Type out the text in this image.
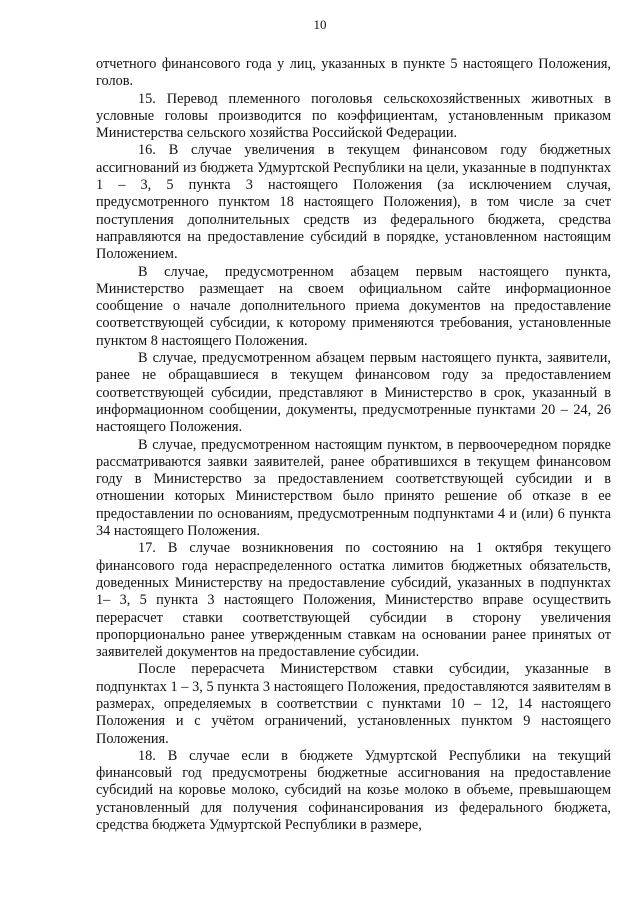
10

отчетного финансового года у лиц, указанных в пункте 5 настоящего Положения, голов.

15. Перевод племенного поголовья сельскохозяйственных животных в условные головы производится по коэффициентам, установленным приказом Министерства сельского хозяйства Российской Федерации.

16. В случае увеличения в текущем финансовом году бюджетных ассигнований из бюджета Удмуртской Республики на цели, указанные в подпунктах 1 – 3, 5 пункта 3 настоящего Положения (за исключением случая, предусмотренного пунктом 18 настоящего Положения), в том числе за счет поступления дополнительных средств из федерального бюджета, средства направляются на предоставление субсидий в порядке, установленном настоящим Положением.

В случае, предусмотренном абзацем первым настоящего пункта, Министерство размещает на своем официальном сайте информационное сообщение о начале дополнительного приема документов на предоставление соответствующей субсидии, к которому применяются требования, установленные пунктом 8 настоящего Положения.

В случае, предусмотренном абзацем первым настоящего пункта, заявители, ранее не обращавшиеся в текущем финансовом году за предоставлением соответствующей субсидии, представляют в Министерство в срок, указанный в информационном сообщении, документы, предусмотренные пунктами 20 – 24, 26 настоящего Положения.

В случае, предусмотренном настоящим пунктом, в первоочередном порядке рассматриваются заявки заявителей, ранее обратившихся в текущем финансовом году в Министерство за предоставлением соответствующей субсидии и в отношении которых Министерством было принято решение об отказе в ее предоставлении по основаниям, предусмотренным подпунктами 4 и (или) 6 пункта 34 настоящего Положения.

17. В случае возникновения по состоянию на 1 октября текущего финансового года нераспределенного остатка лимитов бюджетных обязательств, доведенных Министерству на предоставление субсидий, указанных в подпунктах 1– 3, 5 пункта 3 настоящего Положения, Министерство вправе осуществить перерасчет ставки соответствующей субсидии в сторону увеличения пропорционально ранее утвержденным ставкам на основании ранее принятых от заявителей документов на предоставление субсидии.

После перерасчета Министерством ставки субсидии, указанные в подпунктах 1 – 3, 5 пункта 3 настоящего Положения, предоставляются заявителям в размерах, определяемых в соответствии с пунктами 10 – 12, 14 настоящего Положения и с учётом ограничений, установленных пунктом 9 настоящего Положения.

18. В случае если в бюджете Удмуртской Республики на текущий финансовый год предусмотрены бюджетные ассигнования на предоставление субсидий на коровье молоко, субсидий на козье молоко в объеме, превышающем установленный для получения софинансирования из федерального бюджета, средства бюджета Удмуртской Республики в размере,
